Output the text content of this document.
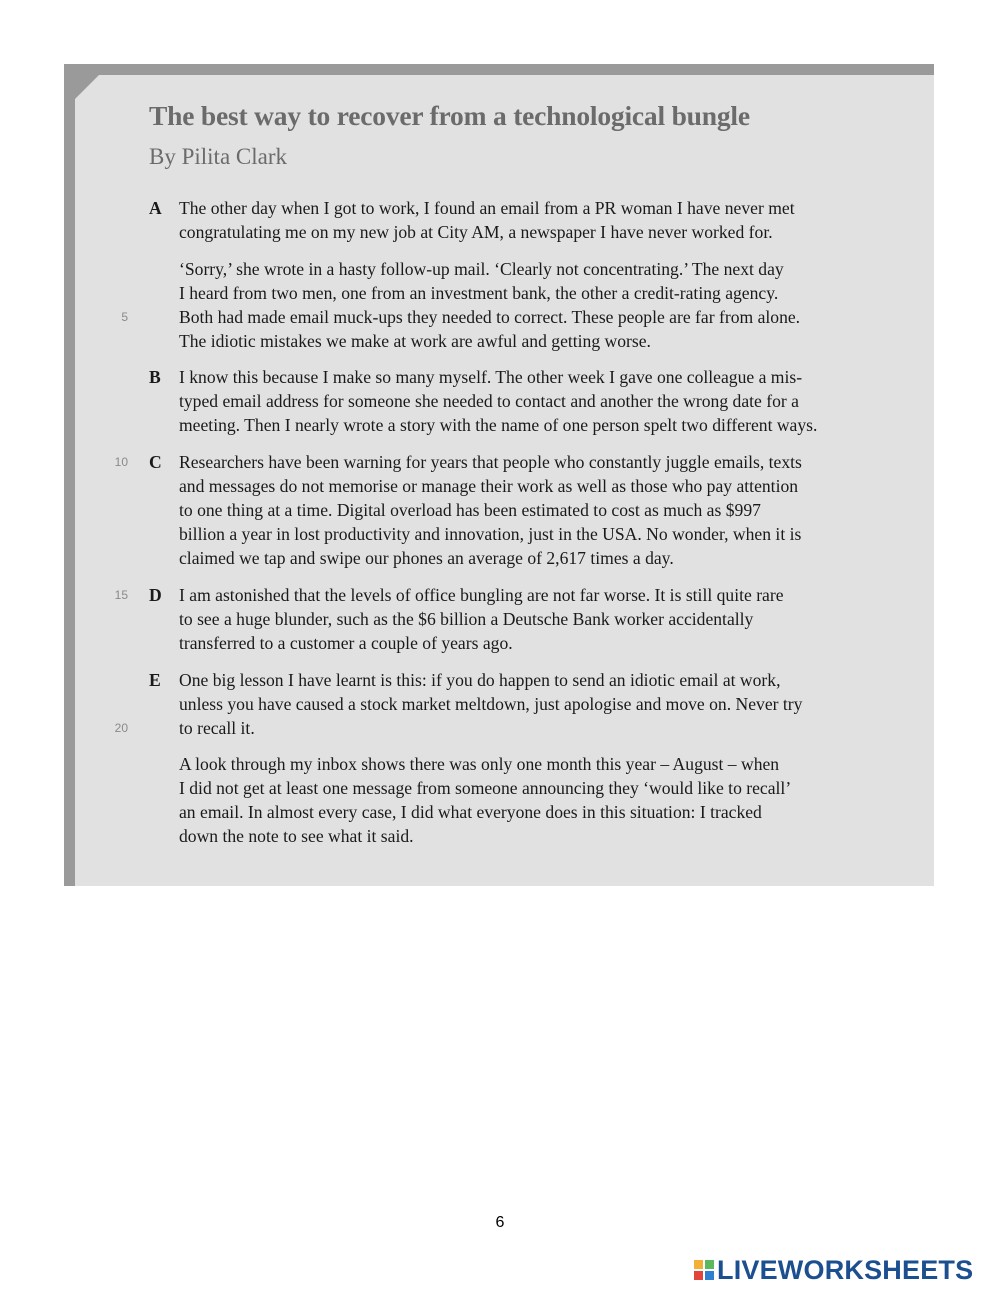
The best way to recover from a technological bungle

By Pilita Clark

A

B

C

D

E

5

10

15

20

The other day when I got to work, I found an email from a PR woman I have never met

congratulating me on my new job at City AM, a newspaper I have never worked for.

‘Sorry,’ she wrote in a hasty follow-up mail. ‘Clearly not concentrating.’ The next day

I heard from two men, one from an investment bank, the other a credit-rating agency.

Both had made email muck-ups they needed to correct. These people are far from alone.

The idiotic mistakes we make at work are awful and getting worse.

I know this because I make so many myself. The other week I gave one colleague a mis-

typed email address for someone she needed to contact and another the wrong date for a

meeting. Then I nearly wrote a story with the name of one person spelt two different ways.

Researchers have been warning for years that people who constantly juggle emails, texts

and messages do not memorise or manage their work as well as those who pay attention

to one thing at a time. Digital overload has been estimated to cost as much as $997

billion a year in lost productivity and innovation, just in the USA. No wonder, when it is

claimed we tap and swipe our phones an average of 2,617 times a day.

I am astonished that the levels of office bungling are not far worse. It is still quite rare

to see a huge blunder, such as the $6 billion a Deutsche Bank worker accidentally

transferred to a customer a couple of years ago.

One big lesson I have learnt is this: if you do happen to send an idiotic email at work,

unless you have caused a stock market meltdown, just apologise and move on. Never try

to recall it.

A look through my inbox shows there was only one month this year – August – when

I did not get at least one message from someone announcing they ‘would like to recall’

an email. In almost every case, I did what everyone does in this situation: I tracked

down the note to see what it said.

6
LIVEWORKSHEETS
